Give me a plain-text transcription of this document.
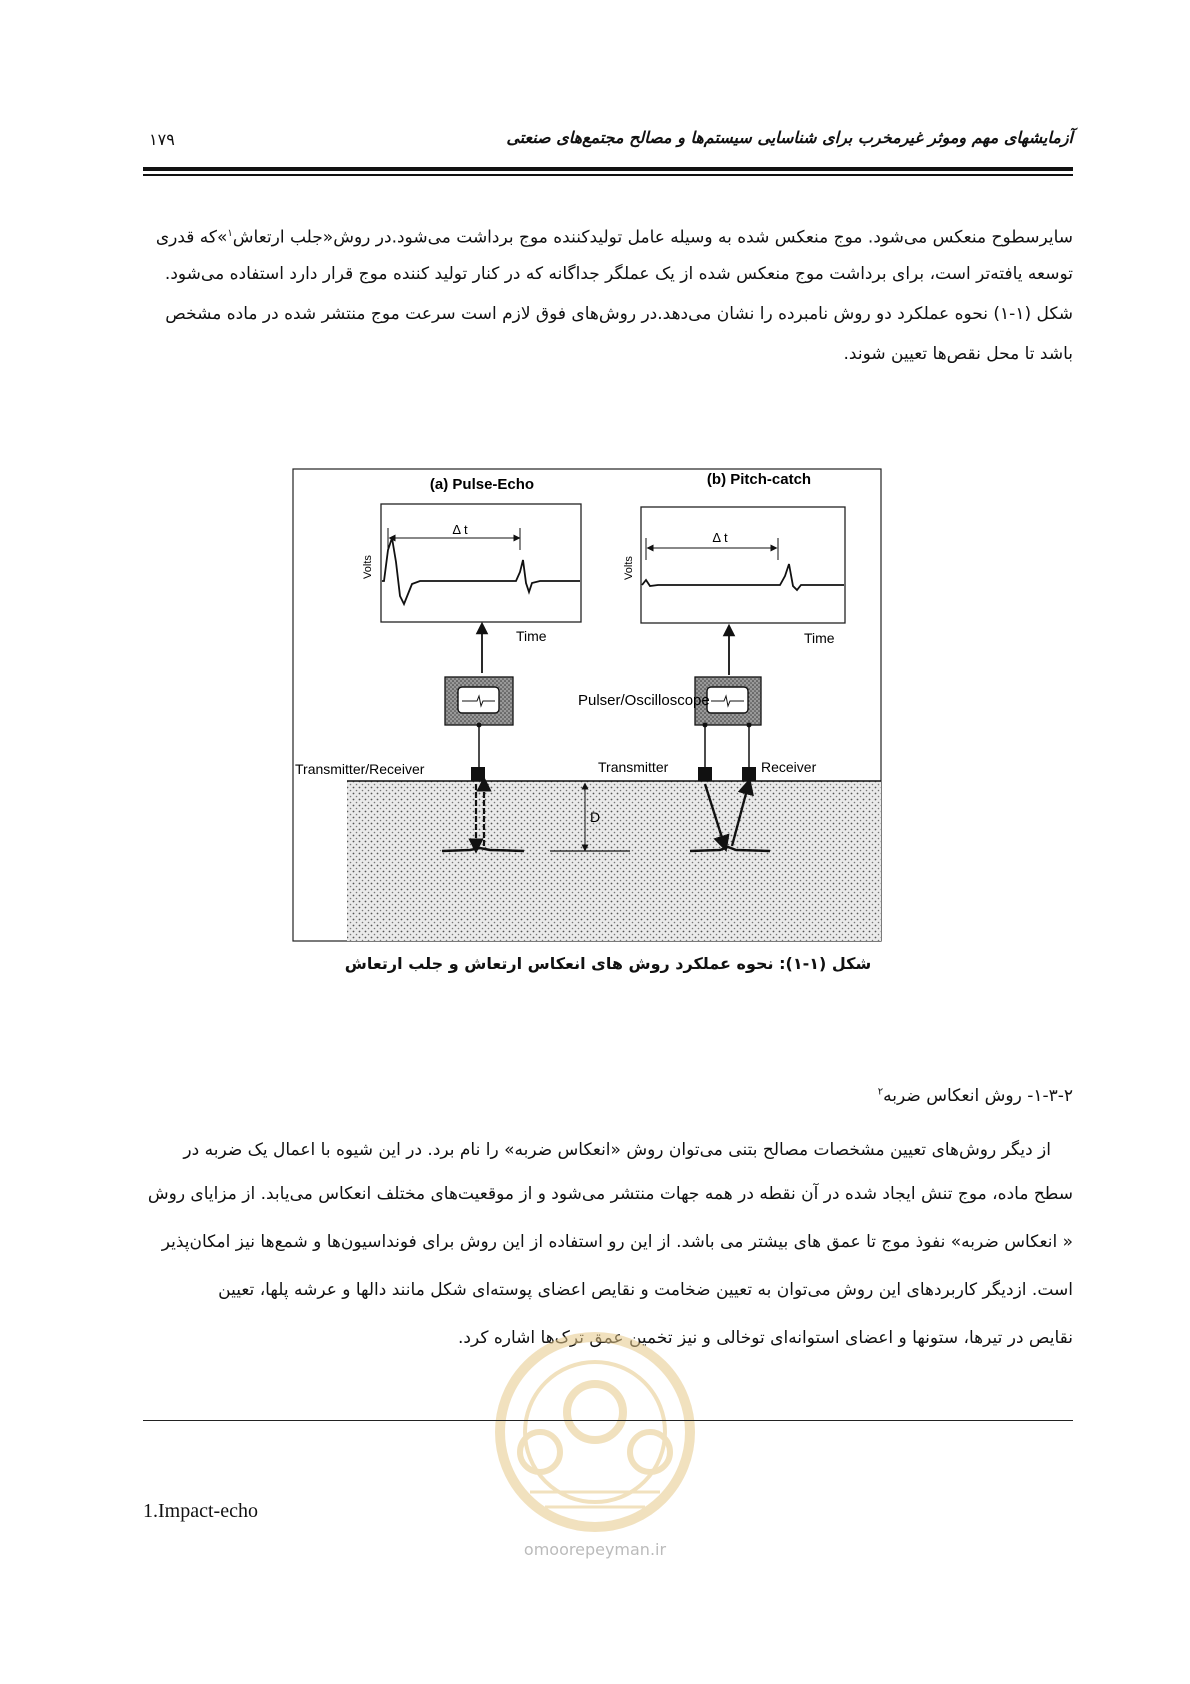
آزمایشهای مهم وموثر غیرمخرب برای شناسایی سیستم‌ها و مصالح مجتمع‌های صنعتی
۱۷۹
سایرسطوح منعکس می‌شود. موج منعکس شده به وسیله عامل تولیدکننده موج برداشت می‌شود.در روش«جلب ارتعاش$^۱$»که قدری
توسعه یافته‌تر است، برای برداشت موج منعکس شده از یک عملگر جداگانه که در کنار تولید کننده موج قرار دارد استفاده می‌شود.
شکل (۱-۱) نحوه عملکرد دو روش نامبرده را نشان می‌دهد.در روش‌های فوق لازم است سرعت موج منتشر شده در ماده مشخص
باشد تا محل نقص‌ها تعیین شوند.
(a) Pulse-Echo	(b) Pitch-catch
Volts
Time
Δ t
Volts
Time
Δ t
Pulser/Oscilloscope
Transmitter/Receiver	Transmitter	Receiver
D
شکل (۱-۱): نحوه عملکرد روش های انعکاس ارتعاش و جلب ارتعاش
۱-۳-۲- روش انعکاس ضربه$^۲$
از دیگر روش‌های تعیین مشخصات مصالح بتنی می‌توان روش «انعکاس ضربه» را نام برد. در این شیوه با اعمال یک ضربه در
سطح ماده، موج تنش ایجاد شده در آن نقطه در همه جهات منتشر می‌شود و از موقعیت‌های مختلف انعکاس می‌یابد. از مزایای روش
« انعکاس ضربه» نفوذ موج تا عمق های بیشتر می باشد. از این رو استفاده از این روش برای فونداسیون‌ها و شمع‌ها نیز امکان‌پذیر
است. ازدیگر کاربردهای این روش می‌توان به تعیین ضخامت و نقایص اعضای پوسته‌ای شکل مانند دالها و عرشه پلها، تعیین
نقایص در تیرها، ستونها و اعضای استوانه‌ای توخالی و نیز تخمین عمق ترک‌ها اشاره کرد.
omoorepeyman.ir
1.Impact-echo
